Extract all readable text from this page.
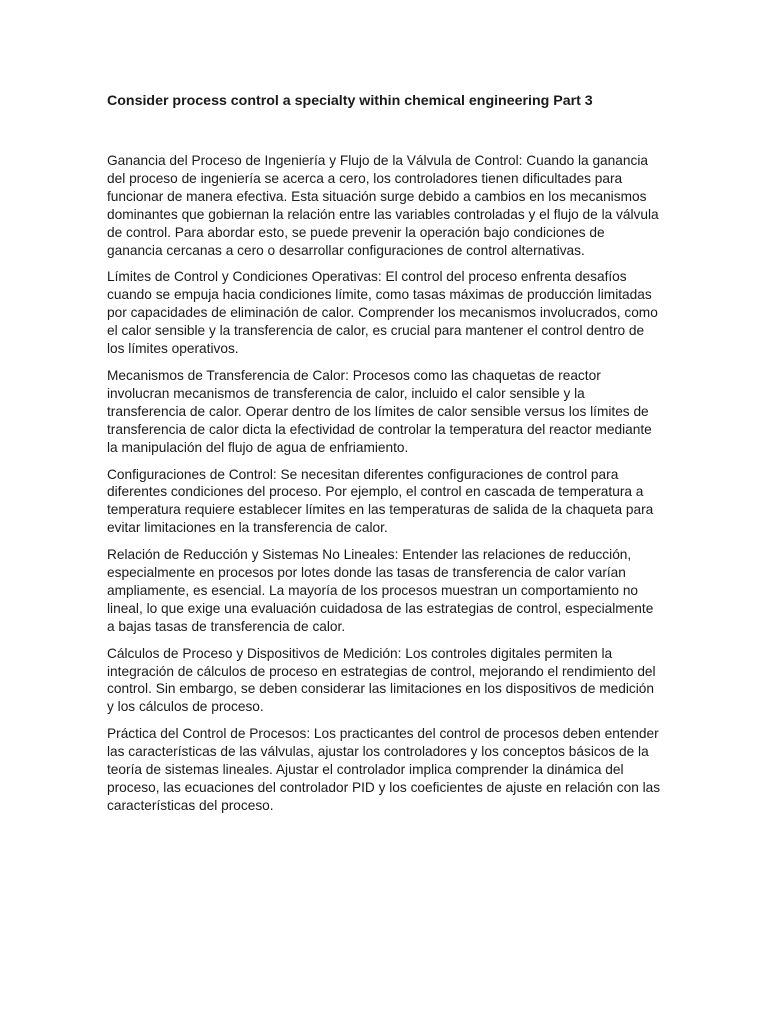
Consider process control a specialty within chemical engineering Part 3

Ganancia del Proceso de Ingeniería y Flujo de la Válvula de Control: Cuando la ganancia del proceso de ingeniería se acerca a cero, los controladores tienen dificultades para funcionar de manera efectiva. Esta situación surge debido a cambios en los mecanismos dominantes que gobiernan la relación entre las variables controladas y el flujo de la válvula de control. Para abordar esto, se puede prevenir la operación bajo condiciones de ganancia cercanas a cero o desarrollar configuraciones de control alternativas.

Límites de Control y Condiciones Operativas: El control del proceso enfrenta desafíos cuando se empuja hacia condiciones límite, como tasas máximas de producción limitadas por capacidades de eliminación de calor. Comprender los mecanismos involucrados, como el calor sensible y la transferencia de calor, es crucial para mantener el control dentro de los límites operativos.

Mecanismos de Transferencia de Calor: Procesos como las chaquetas de reactor involucran mecanismos de transferencia de calor, incluido el calor sensible y la transferencia de calor. Operar dentro de los límites de calor sensible versus los límites de transferencia de calor dicta la efectividad de controlar la temperatura del reactor mediante la manipulación del flujo de agua de enfriamiento.

Configuraciones de Control: Se necesitan diferentes configuraciones de control para diferentes condiciones del proceso. Por ejemplo, el control en cascada de temperatura a temperatura requiere establecer límites en las temperaturas de salida de la chaqueta para evitar limitaciones en la transferencia de calor.

Relación de Reducción y Sistemas No Lineales: Entender las relaciones de reducción, especialmente en procesos por lotes donde las tasas de transferencia de calor varían ampliamente, es esencial. La mayoría de los procesos muestran un comportamiento no lineal, lo que exige una evaluación cuidadosa de las estrategias de control, especialmente a bajas tasas de transferencia de calor.

Cálculos de Proceso y Dispositivos de Medición: Los controles digitales permiten la integración de cálculos de proceso en estrategias de control, mejorando el rendimiento del control. Sin embargo, se deben considerar las limitaciones en los dispositivos de medición y los cálculos de proceso.

Práctica del Control de Procesos: Los practicantes del control de procesos deben entender las características de las válvulas, ajustar los controladores y los conceptos básicos de la teoría de sistemas lineales. Ajustar el controlador implica comprender la dinámica del proceso, las ecuaciones del controlador PID y los coeficientes de ajuste en relación con las características del proceso.
